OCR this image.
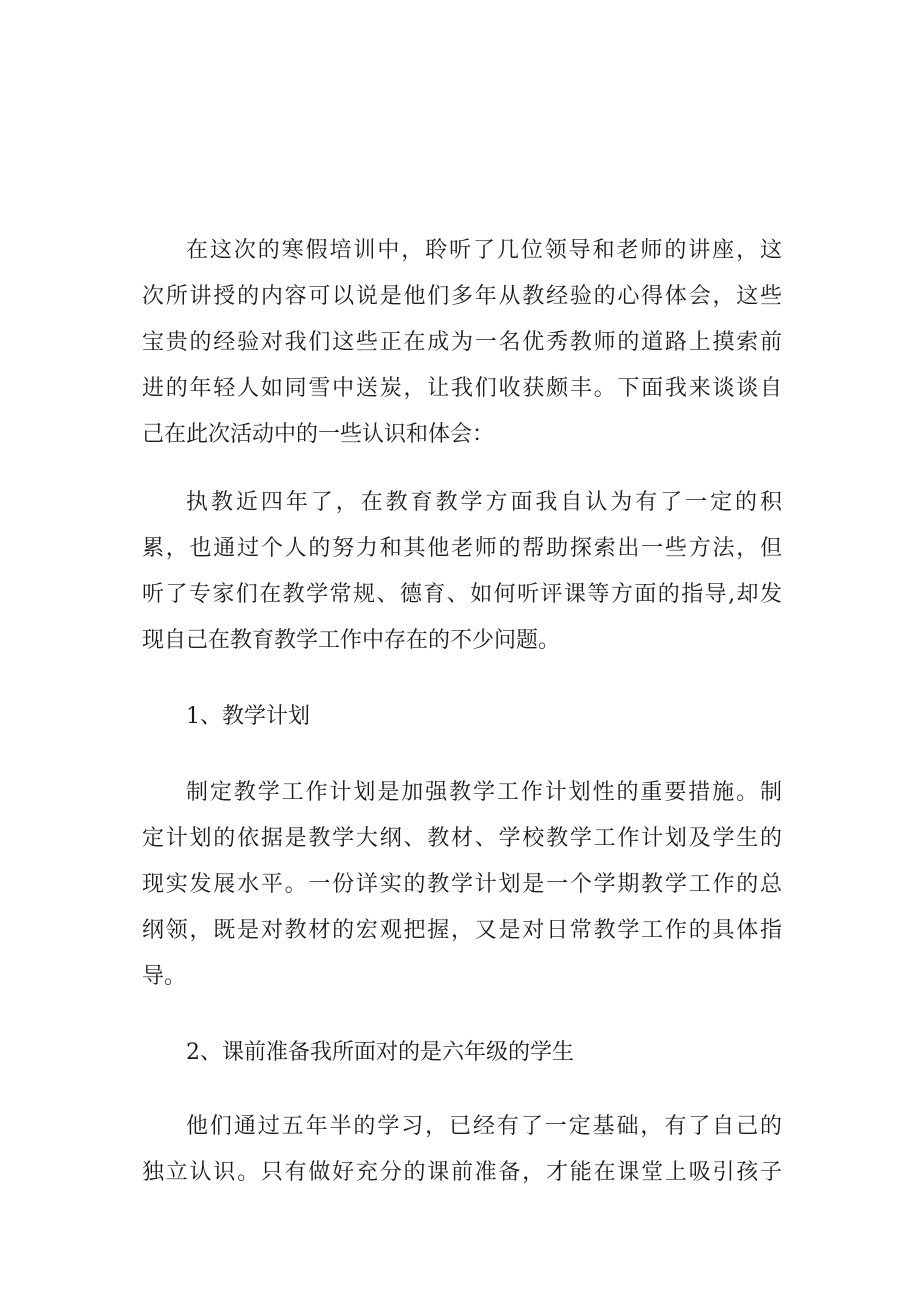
在这次的寒假培训中，聆听了几位领导和老师的讲座，这
次所讲授的内容可以说是他们多年从教经验的心得体会，这些
宝贵的经验对我们这些正在成为一名优秀教师的道路上摸索前
进的年轻人如同雪中送炭，让我们收获颇丰。下面我来谈谈自
己在此次活动中的一些认识和体会：
执教近四年了，在教育教学方面我自认为有了一定的积
累，也通过个人的努力和其他老师的帮助探索出一些方法，但
听了专家们在教学常规、德育、如何听评课等方面的指导,却发
现自己在教育教学工作中存在的不少问题。
1、教学计划
制定教学工作计划是加强教学工作计划性的重要措施。制
定计划的依据是教学大纲、教材、学校教学工作计划及学生的
现实发展水平。一份详实的教学计划是一个学期教学工作的总
纲领，既是对教材的宏观把握，又是对日常教学工作的具体指
导。
2、课前准备我所面对的是六年级的学生
他们通过五年半的学习，已经有了一定基础，有了自己的
独立认识。只有做好充分的课前准备，才能在课堂上吸引孩子
